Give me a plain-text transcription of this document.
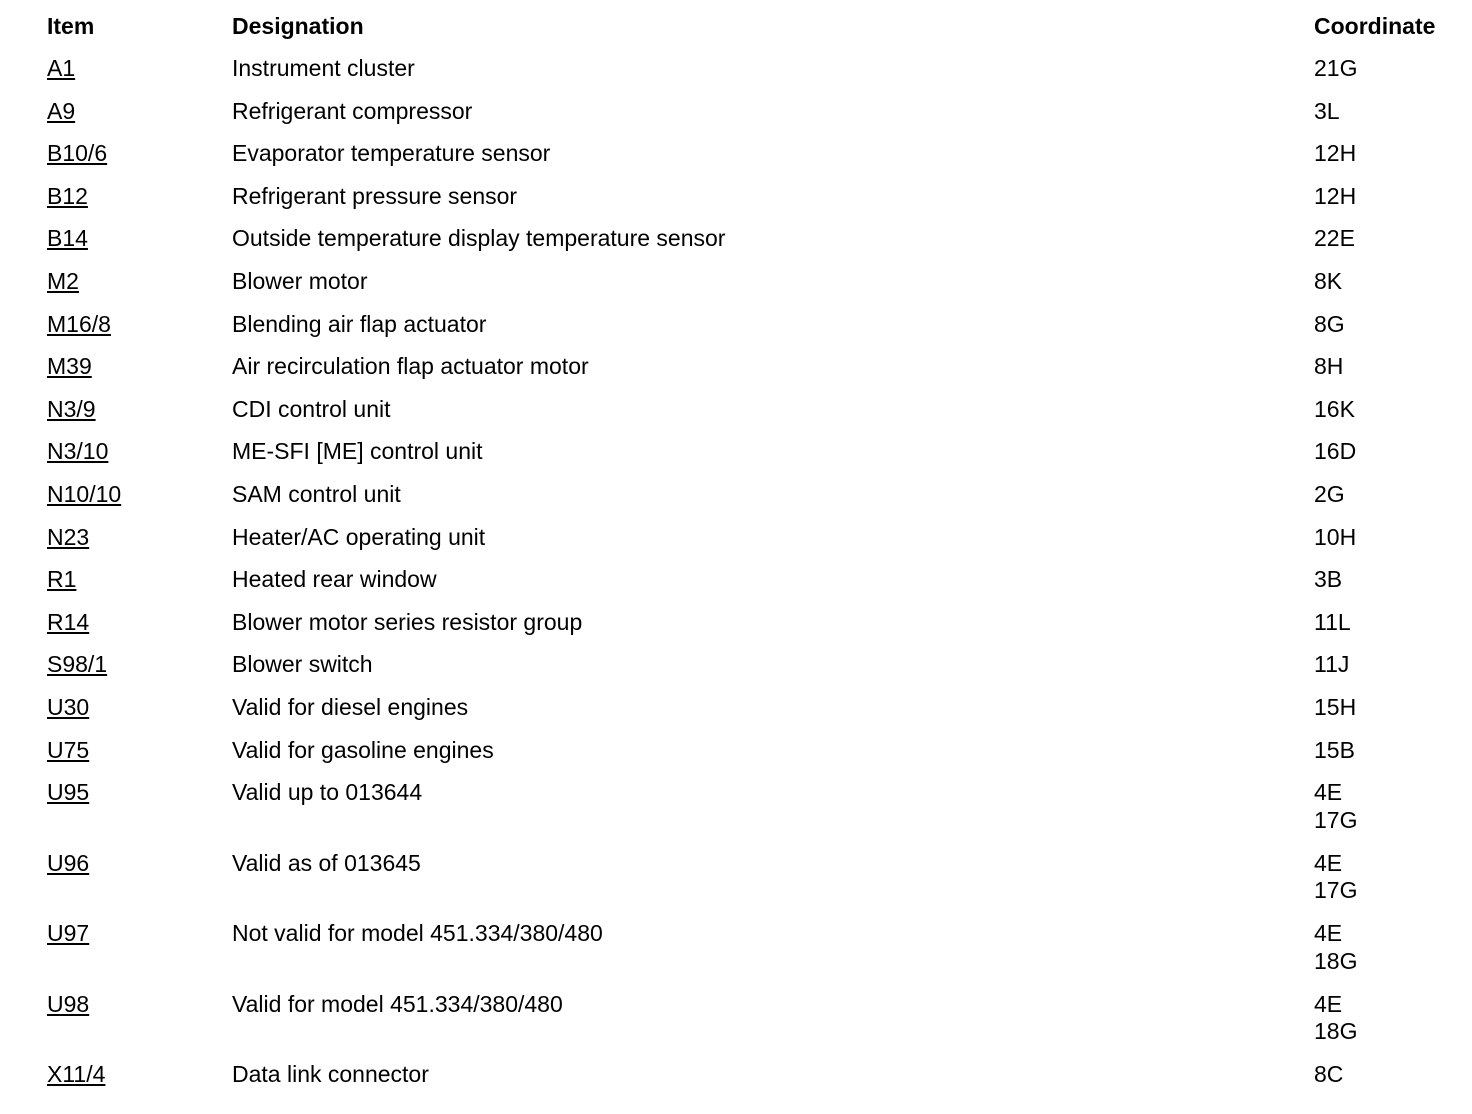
Item	Designation	Coordinate
A1	Instrument cluster	21G
A9	Refrigerant compressor	3L
B10/6	Evaporator temperature sensor	12H
B12	Refrigerant pressure sensor	12H
B14	Outside temperature display temperature sensor	22E
M2	Blower motor	8K
M16/8	Blending air flap actuator	8G
M39	Air recirculation flap actuator motor	8H
N3/9	CDI control unit	16K
N3/10	ME-SFI [ME] control unit	16D
N10/10	SAM control unit	2G
N23	Heater/AC operating unit	10H
R1	Heated rear window	3B
R14	Blower motor series resistor group	11L
S98/1	Blower switch	11J
U30	Valid for diesel engines	15H
U75	Valid for gasoline engines	15B
U95	Valid up to 013644	4E
17G
U96	Valid as of 013645	4E
17G
U97	Not valid for model 451.334/380/480	4E
18G
U98	Valid for model 451.334/380/480	4E
18G
X11/4	Data link connector	8C
